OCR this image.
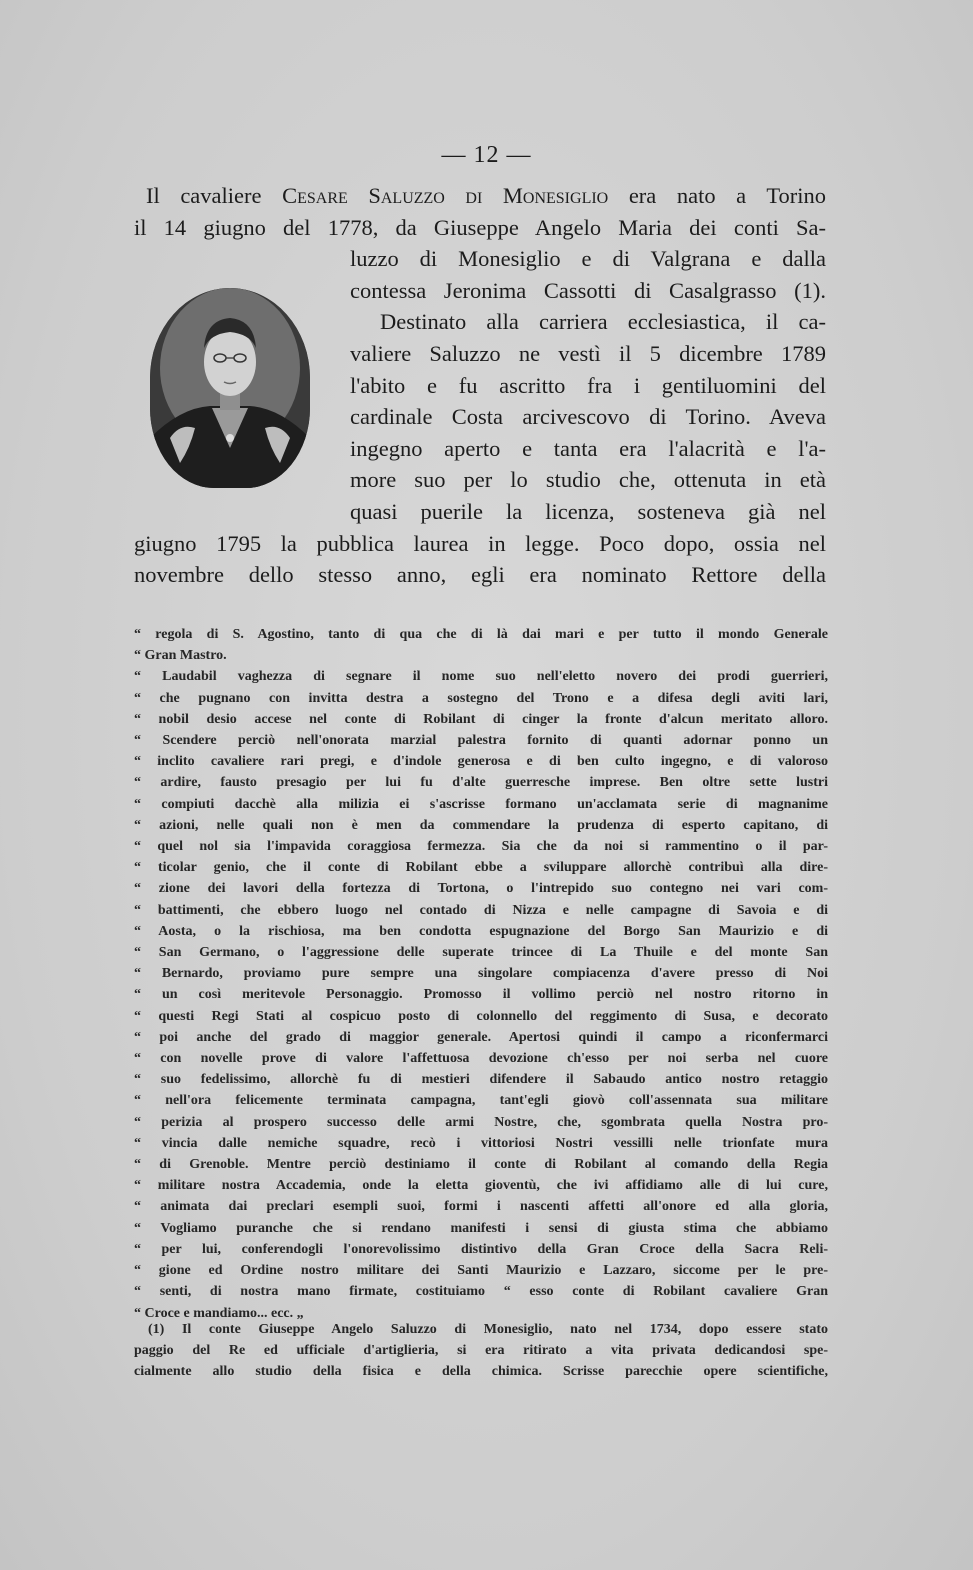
— 12 —
Il cavaliere Cesare Saluzzo di Monesiglio era nato a Torino
il 14 giugno del 1778, da Giuseppe Angelo Maria dei conti Sa-
luzzo di Monesiglio e di Valgrana e dalla
contessa Jeronima Cassotti di Casalgrasso (1).
Destinato alla carriera ecclesiastica, il ca-
valiere Saluzzo ne vestì il 5 dicembre 1789
l'abito e fu ascritto fra i gentiluomini del
cardinale Costa arcivescovo di Torino. Aveva
ingegno aperto e tanta era l'alacrità e l'a-
more suo per lo studio che, ottenuta in età
quasi puerile la licenza, sosteneva già nel
giugno 1795 la pubblica laurea in legge. Poco dopo, ossia nel
novembre dello stesso anno, egli era nominato Rettore della
“ regola di S. Agostino, tanto di qua che di là dai mari e per tutto il mondo Generale
“ Gran Mastro.
“ Laudabil vaghezza di segnare il nome suo nell'eletto novero dei prodi guerrieri,
“ che pugnano con invitta destra a sostegno del Trono e a difesa degli aviti lari,
“ nobil desio accese nel conte di Robilant di cinger la fronte d'alcun meritato alloro.
“ Scendere perciò nell'onorata marzial palestra fornito di quanti adornar ponno un
“ inclito cavaliere rari pregi, e d'indole generosa e di ben culto ingegno, e di valoroso
“ ardire, fausto presagio per lui fu d'alte guerresche imprese. Ben oltre sette lustri
“ compiuti dacchè alla milizia ei s'ascrisse formano un'acclamata serie di magnanime
“ azioni, nelle quali non è men da commendare la prudenza di esperto capitano, di
“ quel nol sia l'impavida coraggiosa fermezza. Sia che da noi si rammentino o il par-
“ ticolar genio, che il conte di Robilant ebbe a sviluppare allorchè contribuì alla dire-
“ zione dei lavori della fortezza di Tortona, o l'intrepido suo contegno nei vari com-
“ battimenti, che ebbero luogo nel contado di Nizza e nelle campagne di Savoia e di
“ Aosta, o la rischiosa, ma ben condotta espugnazione del Borgo San Maurizio e di
“ San Germano, o l'aggressione delle superate trincee di La Thuile e del monte San
“ Bernardo, proviamo pure sempre una singolare compiacenza d'avere presso di Noi
“ un così meritevole Personaggio. Promosso il vollimo perciò nel nostro ritorno in
“ questi Regi Stati al cospicuo posto di colonnello del reggimento di Susa, e decorato
“ poi anche del grado di maggior generale. Apertosi quindi il campo a riconfermarci
“ con novelle prove di valore l'affettuosa devozione ch'esso per noi serba nel cuore
“ suo fedelissimo, allorchè fu di mestieri difendere il Sabaudo antico nostro retaggio
“ nell'ora felicemente terminata campagna, tant'egli giovò coll'assennata sua militare
“ perizia al prospero successo delle armi Nostre, che, sgombrata quella Nostra pro-
“ vincia dalle nemiche squadre, recò i vittoriosi Nostri vessilli nelle trionfate mura
“ di Grenoble. Mentre perciò destiniamo il conte di Robilant al comando della Regia
“ militare nostra Accademia, onde la eletta gioventù, che ivi affidiamo alle di lui cure,
“ animata dai preclari esempli suoi, formi i nascenti affetti all'onore ed alla gloria,
“ Vogliamo puranche che si rendano manifesti i sensi di giusta stima che abbiamo
“ per lui, conferendogli l'onorevolissimo distintivo della Gran Croce della Sacra Reli-
“ gione ed Ordine nostro militare dei Santi Maurizio e Lazzaro, siccome per le pre-
“ senti, di nostra mano firmate, costituiamo “ esso conte di Robilant cavaliere Gran
“ Croce e mandiamo... ecc. „
(1) Il conte Giuseppe Angelo Saluzzo di Monesiglio, nato nel 1734, dopo essere stato
paggio del Re ed ufficiale d'artiglieria, si era ritirato a vita privata dedicandosi spe-
cialmente allo studio della fisica e della chimica. Scrisse parecchie opere scientifiche,
